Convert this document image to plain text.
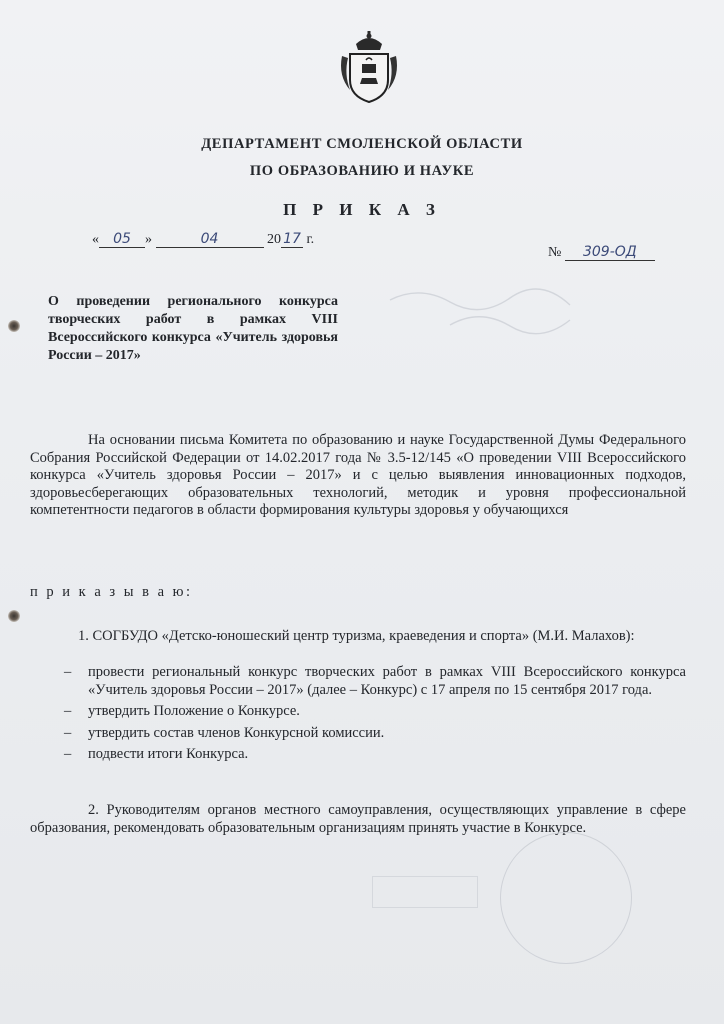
ДЕПАРТАМЕНТ СМОЛЕНСКОЙ ОБЛАСТИ
ПО ОБРАЗОВАНИЮ И НАУКЕ
П Р И К А З
« 05 »	04	20 17 г.
№ 309-ОД
О проведении регионального конкурса творческих работ в рамках VIII Всероссийского конкурса «Учитель здоровья России – 2017»
На основании письма Комитета по образованию и науке Государственной Думы Федерального Собрания Российской Федерации от 14.02.2017 года № 3.5-12/145 «О проведении VIII Всероссийского конкурса «Учитель здоровья России – 2017» и с целью выявления инновационных подходов, здоровьесберегающих образовательных технологий, методик и уровня профессиональной компетентности педагогов в области формирования культуры здоровья у обучающихся
п р и к а з ы в а ю:
1. СОГБУДО «Детско-юношеский центр туризма, краеведения и спорта» (М.И. Малахов):
– провести региональный конкурс творческих работ в рамках VIII Всероссийского конкурса «Учитель здоровья России – 2017» (далее – Конкурс) с 17 апреля по 15 сентября 2017 года.
– утвердить Положение о Конкурсе.
– утвердить состав членов Конкурсной комиссии.
– подвести итоги Конкурса.
2. Руководителям органов местного самоуправления, осуществляющих управление в сфере образования, рекомендовать образовательным организациям принять участие в Конкурсе.
